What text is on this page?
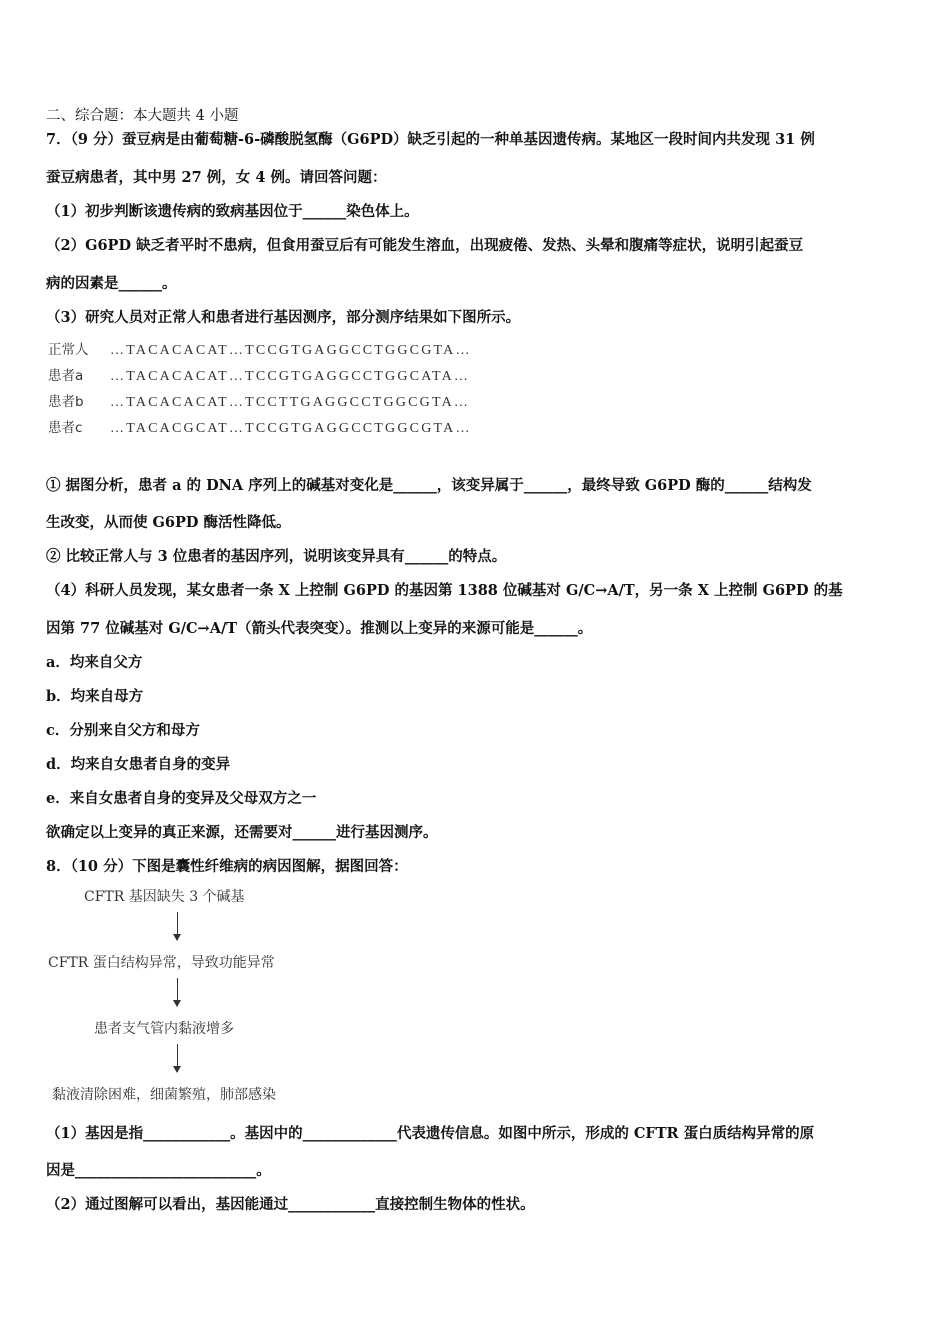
二、综合题：本大题共 4 小题
7．（9 分）蚕豆病是由葡萄糖-6-磷酸脱氢酶（G6PD）缺乏引起的一种单基因遗传病。某地区一段时间内共发现 31 例
蚕豆病患者，其中男 27 例，女 4 例。请回答问题：
（1）初步判断该遗传病的致病基因位于______染色体上。
（2）G6PD 缺乏者平时不患病，但食用蚕豆后有可能发生溶血，出现疲倦、发热、头晕和腹痛等症状，说明引起蚕豆
病的因素是______。
（3）研究人员对正常人和患者进行基因测序，部分测序结果如下图所示。
正常人 …TACACACAT…TCCGTGAGGCCTGGCGTA…
患者a …TACACACAT…TCCGTGAGGCCTGGCATA…
患者b …TACACACAT…TCCTTGAGGCCTGGCGTA…
患者c …TACACGCAT…TCCGTGAGGCCTGGCGTA…
① 据图分析，患者 a 的 DNA 序列上的碱基对变化是______，该变异属于______，最终导致 G6PD 酶的______结构发
生改变，从而使 G6PD 酶活性降低。
② 比较正常人与 3 位患者的基因序列，说明该变异具有______的特点。
（4）科研人员发现，某女患者一条 X 上控制 G6PD 的基因第 1388 位碱基对 G/C→A/T，另一条 X 上控制 G6PD 的基
因第 77 位碱基对 G/C→A/T（箭头代表突变）。推测以上变异的来源可能是______。
a．均来自父方
b．均来自母方
c．分别来自父方和母方
d．均来自女患者自身的变异
e．来自女患者自身的变异及父母双方之一
欲确定以上变异的真正来源，还需要对______进行基因测序。
8．（10 分）下图是囊性纤维病的病因图解，据图回答：
CFTR 基因缺失 3 个碱基
CFTR 蛋白结构异常，导致功能异常
患者支气管内黏液增多
黏液清除困难，细菌繁殖，肺部感染
（1）基因是指____________。基因中的_____________代表遗传信息。如图中所示，形成的 CFTR 蛋白质结构异常的原
因是_________________________。
（2）通过图解可以看出，基因能通过____________直接控制生物体的性状。
